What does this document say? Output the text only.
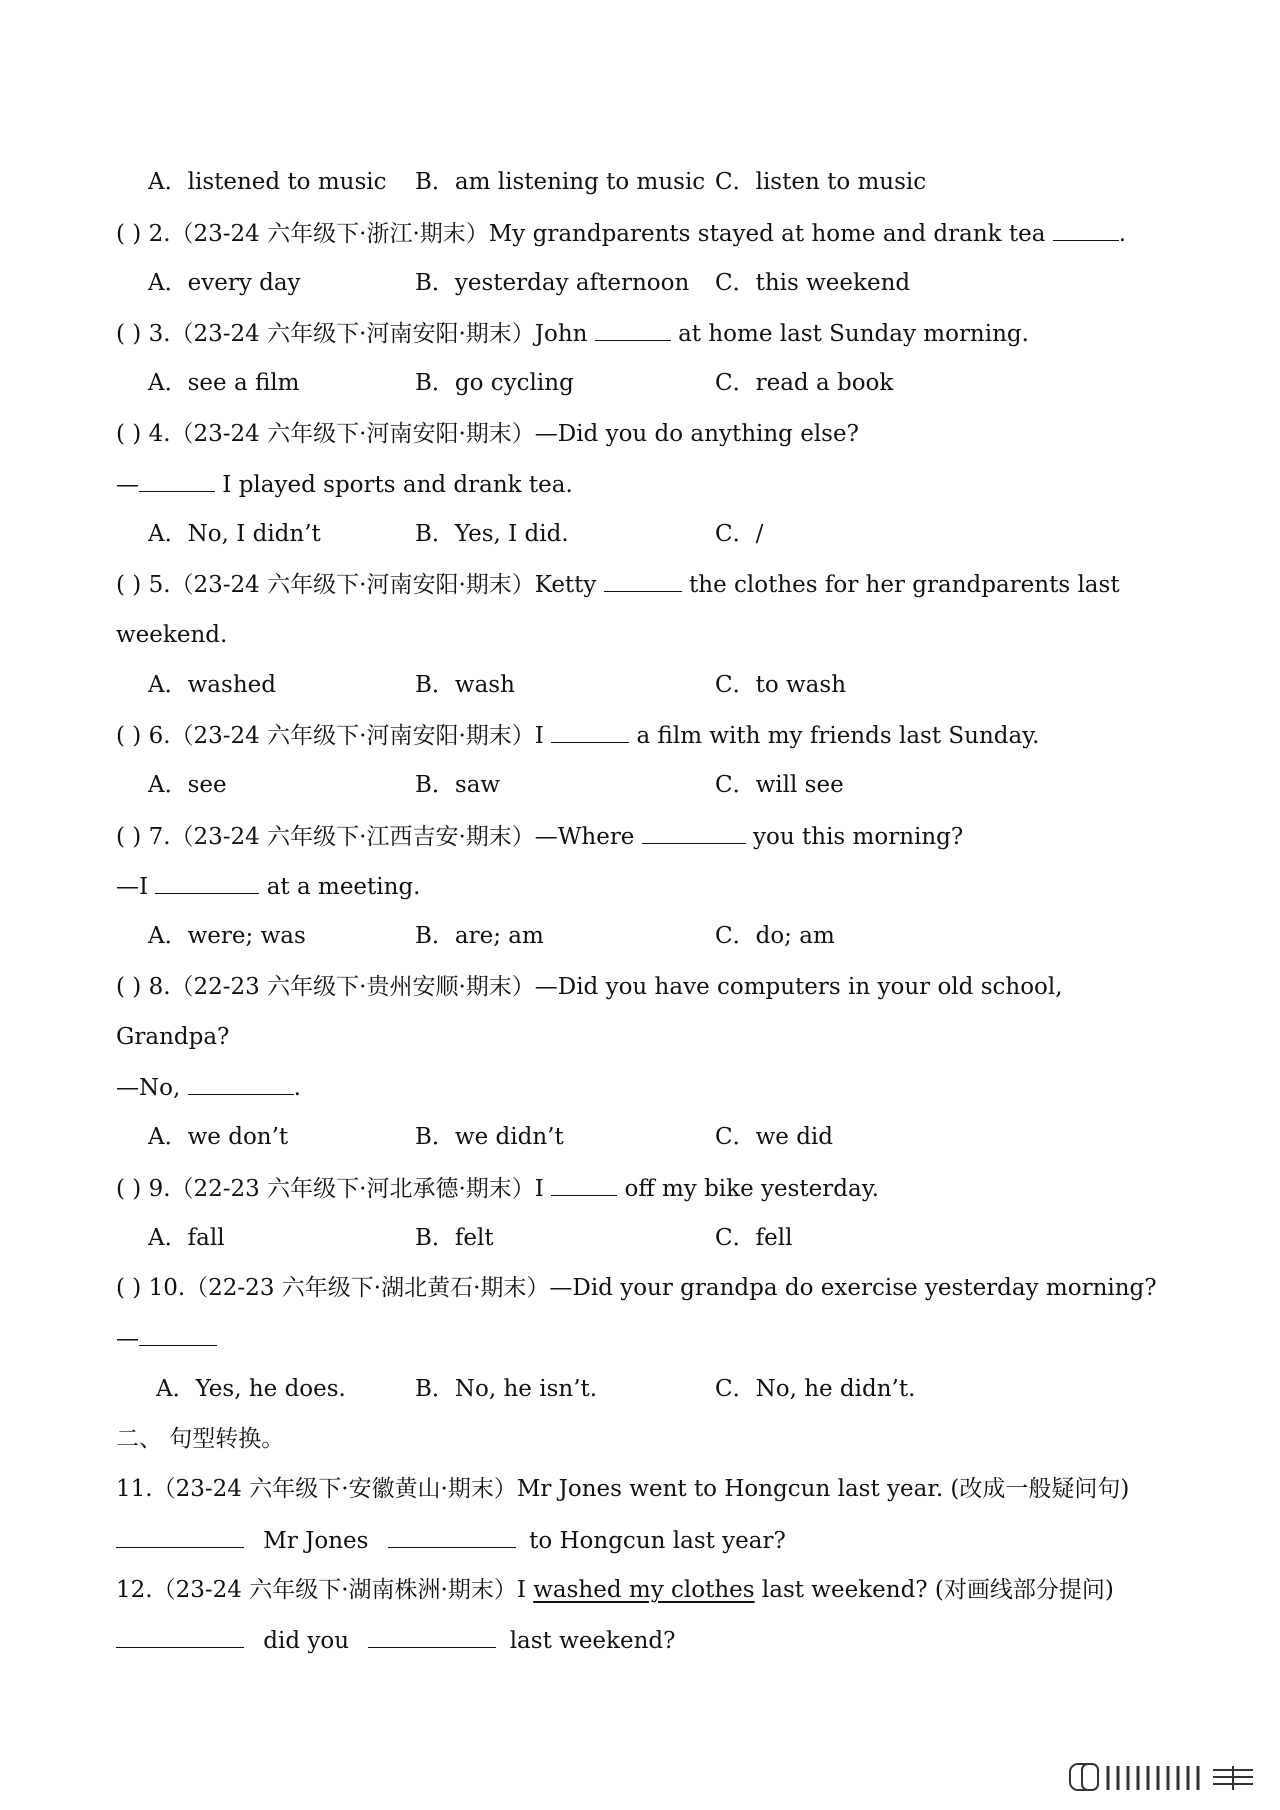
A．listened to music B．am listening to music C．listen to music
( ) 2.（23-24 六年级下·浙江·期末）My grandparents stayed at home and drank tea	.
A．every day	B．yesterday afternoon C．this weekend
( ) 3.（23-24 六年级下·河南安阳·期末）John	at home last Sunday morning.
A．see a film	B．go cycling	C．read a book
( ) 4.（23-24 六年级下·河南安阳·期末）—Did you do anything else?
—	I played sports and drank tea.
A．No, I didn’t	B．Yes, I did.	C．/
( ) 5.（23-24 六年级下·河南安阳·期末）Ketty	the clothes for her grandparents last
weekend.
A．washed	B．wash	C．to wash
( ) 6.（23-24 六年级下·河南安阳·期末）I	a film with my friends last Sunday.
A．see	B．saw	C．will see
( ) 7.（23-24 六年级下·江西吉安·期末）—Where	you this morning?
—I	at a meeting.
A．were; was	B．are; am	C．do; am
( ) 8.（22-23 六年级下·贵州安顺·期末）—Did you have computers in your old school,
Grandpa?
—No,	.
A．we don’t	B．we didn’t	C．we did
( ) 9.（22-23 六年级下·河北承德·期末）I	off my bike yesterday.
A．fall	B．felt	C．fell
( ) 10.（22-23 六年级下·湖北黄石·期末）—Did your grandpa do exercise yesterday morning?
—
A．Yes, he does.	B．No, he isn’t.	C．No, he didn’t.
二、 句型转换。
11.（23-24 六年级下·安徽黄山·期末）Mr Jones went to Hongcun last year. (改成一般疑问句)
Mr Jones	to Hongcun last year?
12.（23-24 六年级下·湖南株洲·期末）I washed my clothes last weekend? (对画线部分提问)
did you	last weekend?
